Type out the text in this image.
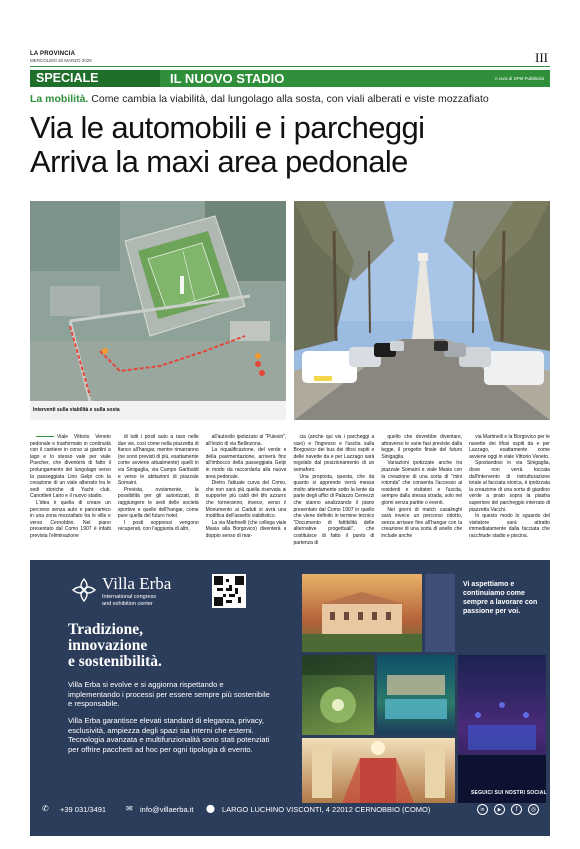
LA PROVINCIA
MERCOLEDÌ 26 MARZO 2025	III
SPECIALE	IL NUOVO STADIO	A cura di SPM Pubblicità
La mobilità. Come cambia la viabilità, dal lungolago alla sosta, con viali alberati e viste mozzafiato
Via le automobili e i parcheggi
Arriva la maxi area pedonale
Interventi sulla viabilità e sulla sosta

Viale Vittorio Veneto pedonale e trasformato in continuità con il cantiere in corso ai giardini a lago e lo stesso vale per viale Puecher, che diventerà di fatto il prolungamento del lungolago verso la passeggiata Lino Gelpi con la creazione di un viale alberato tra le sedi storiche di Yacht club, Canottieri Lario e il nuovo stadio.

L'idea è quella di creare un percorso senza auto e panoramico in una zona mozzafiato tra le ville e verso Cernobbio. Nel piano presentato dal Como 1907 è infatti prevista l'eliminazione

di tutti i posti auto a raso nelle due vie, così come nella piazzetta di fianco all'hangar, mentre rimarranno (ne sono previsti di più, esattamente come avviene attualmente) quelli in via Sinigaglia, via Campo Garibaldi e verso le abitazioni di piazzale Somaini.

Prevista, ovviamente, la possibilità per gli autorizzati, di raggiungere le sedi delle società sportive e quelle dell'hangar, come pure quella del futuro hotel.

I posti soppressi vengono recuperati, con l'aggiunta di altri,

all'autosilo ipotizzato al "Pulesin", all'inizio di via Bellinzona.

La riqualificazione, del verde e della pavimentazione, arriverà fino all'imbocco della passeggiata Gelpi in modo da raccordarla alla nuova area pedonale.

Dietro l'attuale curva del Como, che non sarà più quella riservata ai supporter più caldi del tifo azzurro che torneranno, invece, verso il Monumento ai Caduti si avrà una modifica dell'assetto viabilistico.

La via Martinelli (che collega viale Masia alla Borgovico) diventerà a doppio senso di mar-

cia (anche qui via i parcheggi a raso) e l'ingresso e l'uscita sulla Borgovico dei bus dei tifosi ospiti e delle navette da e per Lazzago sarà regolato dal posizionamento di un semaforo.

Una proposta, questa, che da quanto si apprende verrà messa molto attentamente sotto la lente da parte degli uffici di Palazzo Cernezzi che stanno analizzando il piano presentato dal Como 1907 in quello che viene definito in termine tecnico "Documento di fattibilità delle alternative progettuali", che costituisce di fatto il punto di partenza di

quello che dovrebbe diventare, attraverso le varie fasi previste dalla legge, il progetto finale del futuro Sinigaglia.

Variazioni ipotizzate anche tra piazzale Somaini e viale Masia con la creazione di una sorta di "mini rotonda" che consenta l'accesso ai residenti e visitatori e l'uscita, sempre dalla stessa strada, solo nei giorni senza partite o eventi.

Nei giorni di match casalinghi sarà invece un percorso ridotto, senza arrivare fino all'hangar con la creazione di una sorta di anello che include anche

via Martinelli e la Borgovico per le navette dei tifosi ospiti da e per Lazzago, esattamente come avviene oggi in viale Vittorio Veneto.

Spostandosi in via Sinigaglia, dove non verrà toccata dall'intervento di ristrutturazione totale al facciata storica, è ipotizzata la creazione di una sorta di giardino verde a prato sopra la piastra superiore del parcheggio interrato di piazzetta Vacchi.

In questo modo lo sguardo del visitatore sarà attratto immediatamente dalla facciata che racchiude stadio e piscina.

Villa Erba
International congress
and exhibition center
Tradizione,
innovazione
e sostenibilità.
Villa Erba si evolve e si aggiorna rispettando e implementando i processi per essere sempre più sostenibile e responsabile.
Villa Erba garantisce elevati standard di eleganza, privacy, esclusività, ampiezza degli spazi sia interni che esterni. Tecnologia avanzata e multifunzionalità sono stati potenziati per offrire pacchetti ad hoc per ogni tipologia di evento.
Vi aspettiamo e continuiamo come sempre a lavorare con passione per voi.
SEGUICI SUI NOSTRI SOCIAL
in	▶	f	◎
✆ +39 031/3491 ✉ info@villaerba.it ⬤ LARGO LUCHINO VISCONTI, 4 22012 CERNOBBIO (COMO)
